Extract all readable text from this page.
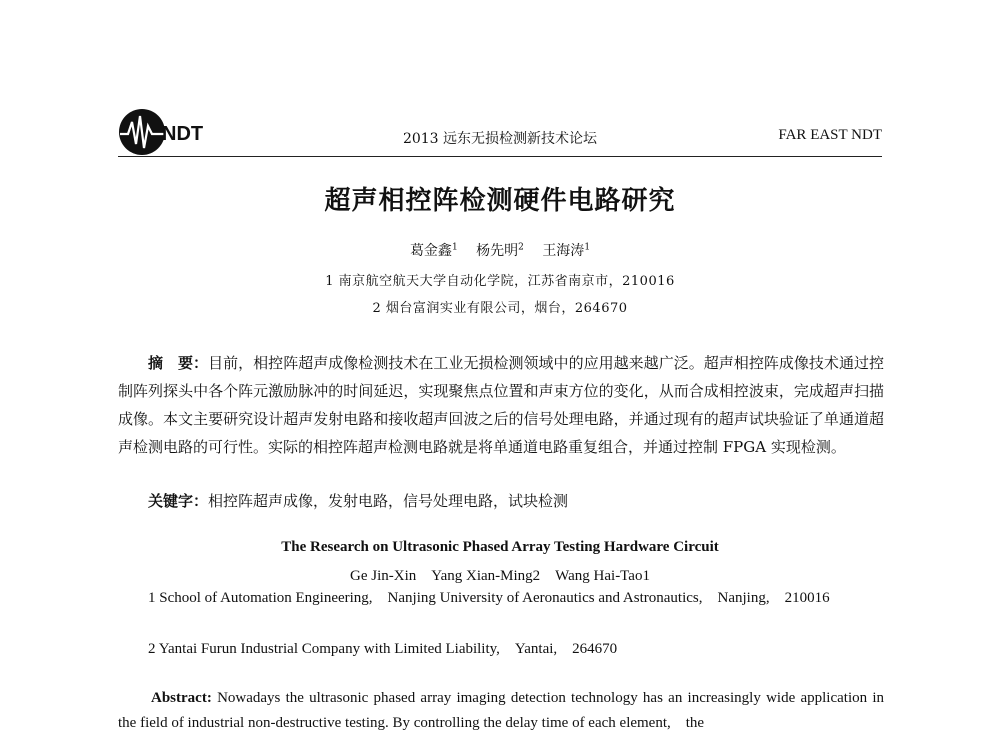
NDT	2013 远东无损检测新技术论坛	FAR EAST NDT
超声相控阵检测硬件电路研究
葛金鑫$^1$  杨先明$^2$  王海涛$^1$
1 南京航空航天大学自动化学院，江苏省南京市，210016
2 烟台富润实业有限公司，烟台，264670
摘　要：目前，相控阵超声成像检测技术在工业无损检测领域中的应用越来越广泛。超声相控阵成像技术通过控制阵列探头中各个阵元激励脉冲的时间延迟，实现聚焦点位置和声束方位的变化，从而合成相控波束，完成超声扫描成像。本文主要研究设计超声发射电路和接收超声回波之后的信号处理电路，并通过现有的超声试块验证了单通道超声检测电路的可行性。实际的相控阵超声检测电路就是将单通道电路重复组合，并通过控制 FPGA 实现检测。
关键字：相控阵超声成像，发射电路，信号处理电路，试块检测
The Research on Ultrasonic Phased Array Testing Hardware Circuit
Ge Jin-Xin　Yang Xian-Ming2　Wang Hai-Tao1
1 School of Automation Engineering,　Nanjing University of Aeronautics and Astronautics,　Nanjing,　210016
2 Yantai Furun Industrial Company with Limited Liability,　Yantai,　264670
Abstract: Nowadays the ultrasonic phased array imaging detection technology has an increasingly wide application in the field of industrial non-destructive testing. By controlling the delay time of each element,　the
